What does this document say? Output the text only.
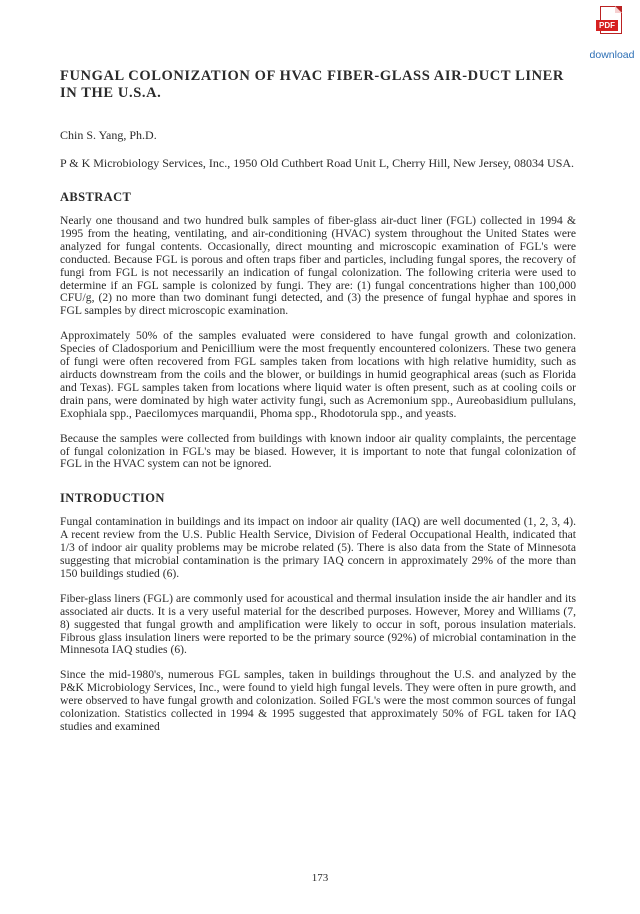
PDF
download
FUNGAL COLONIZATION OF HVAC FIBER-GLASS AIR-DUCT LINER IN THE U.S.A.
Chin S. Yang, Ph.D.
P & K Microbiology Services, Inc., 1950 Old Cuthbert Road Unit L, Cherry Hill, New Jersey, 08034 USA.
ABSTRACT

Nearly one thousand and two hundred bulk samples of fiber-glass air-duct liner (FGL) collected in 1994 & 1995 from the heating, ventilating, and air-conditioning (HVAC) system throughout the United States were analyzed for fungal contents. Occasionally, direct mounting and microscopic examination of FGL's were conducted. Because FGL is porous and often traps fiber and particles, including fungal spores, the recovery of fungi from FGL is not necessarily an indication of fungal colonization. The following criteria were used to determine if an FGL sample is colonized by fungi. They are: (1) fungal concentrations higher than 100,000 CFU/g, (2) no more than two dominant fungi detected, and (3) the presence of fungal hyphae and spores in FGL samples by direct microscopic examination.

Approximately 50% of the samples evaluated were considered to have fungal growth and colonization. Species of Cladosporium and Penicillium were the most frequently encountered colonizers. These two genera of fungi were often recovered from FGL samples taken from locations with high relative humidity, such as airducts downstream from the coils and the blower, or buildings in humid geographical areas (such as Florida and Texas). FGL samples taken from locations where liquid water is often present, such as at cooling coils or drain pans, were dominated by high water activity fungi, such as Acremonium spp., Aureobasidium pullulans, Exophiala spp., Paecilomyces marquandii, Phoma spp., Rhodotorula spp., and yeasts.

Because the samples were collected from buildings with known indoor air quality complaints, the percentage of fungal colonization in FGL's may be biased. However, it is important to note that fungal colonization of FGL in the HVAC system can not be ignored.

INTRODUCTION

Fungal contamination in buildings and its impact on indoor air quality (IAQ) are well documented (1, 2, 3, 4). A recent review from the U.S. Public Health Service, Division of Federal Occupational Health, indicated that 1/3 of indoor air quality problems may be microbe related (5). There is also data from the State of Minnesota suggesting that microbial contamination is the primary IAQ concern in approximately 29% of the more than 150 buildings studied (6).

Fiber-glass liners (FGL) are commonly used for acoustical and thermal insulation inside the air handler and its associated air ducts. It is a very useful material for the described purposes. However, Morey and Williams (7, 8) suggested that fungal growth and amplification were likely to occur in soft, porous insulation materials. Fibrous glass insulation liners were reported to be the primary source (92%) of microbial contamination in the Minnesota IAQ studies (6).

Since the mid-1980's, numerous FGL samples, taken in buildings throughout the U.S. and analyzed by the P&K Microbiology Services, Inc., were found to yield high fungal levels. They were often in pure growth, and were observed to have fungal growth and colonization. Soiled FGL's were the most common sources of fungal colonization. Statistics collected in 1994 & 1995 suggested that approximately 50% of FGL taken for IAQ studies and examined

173
